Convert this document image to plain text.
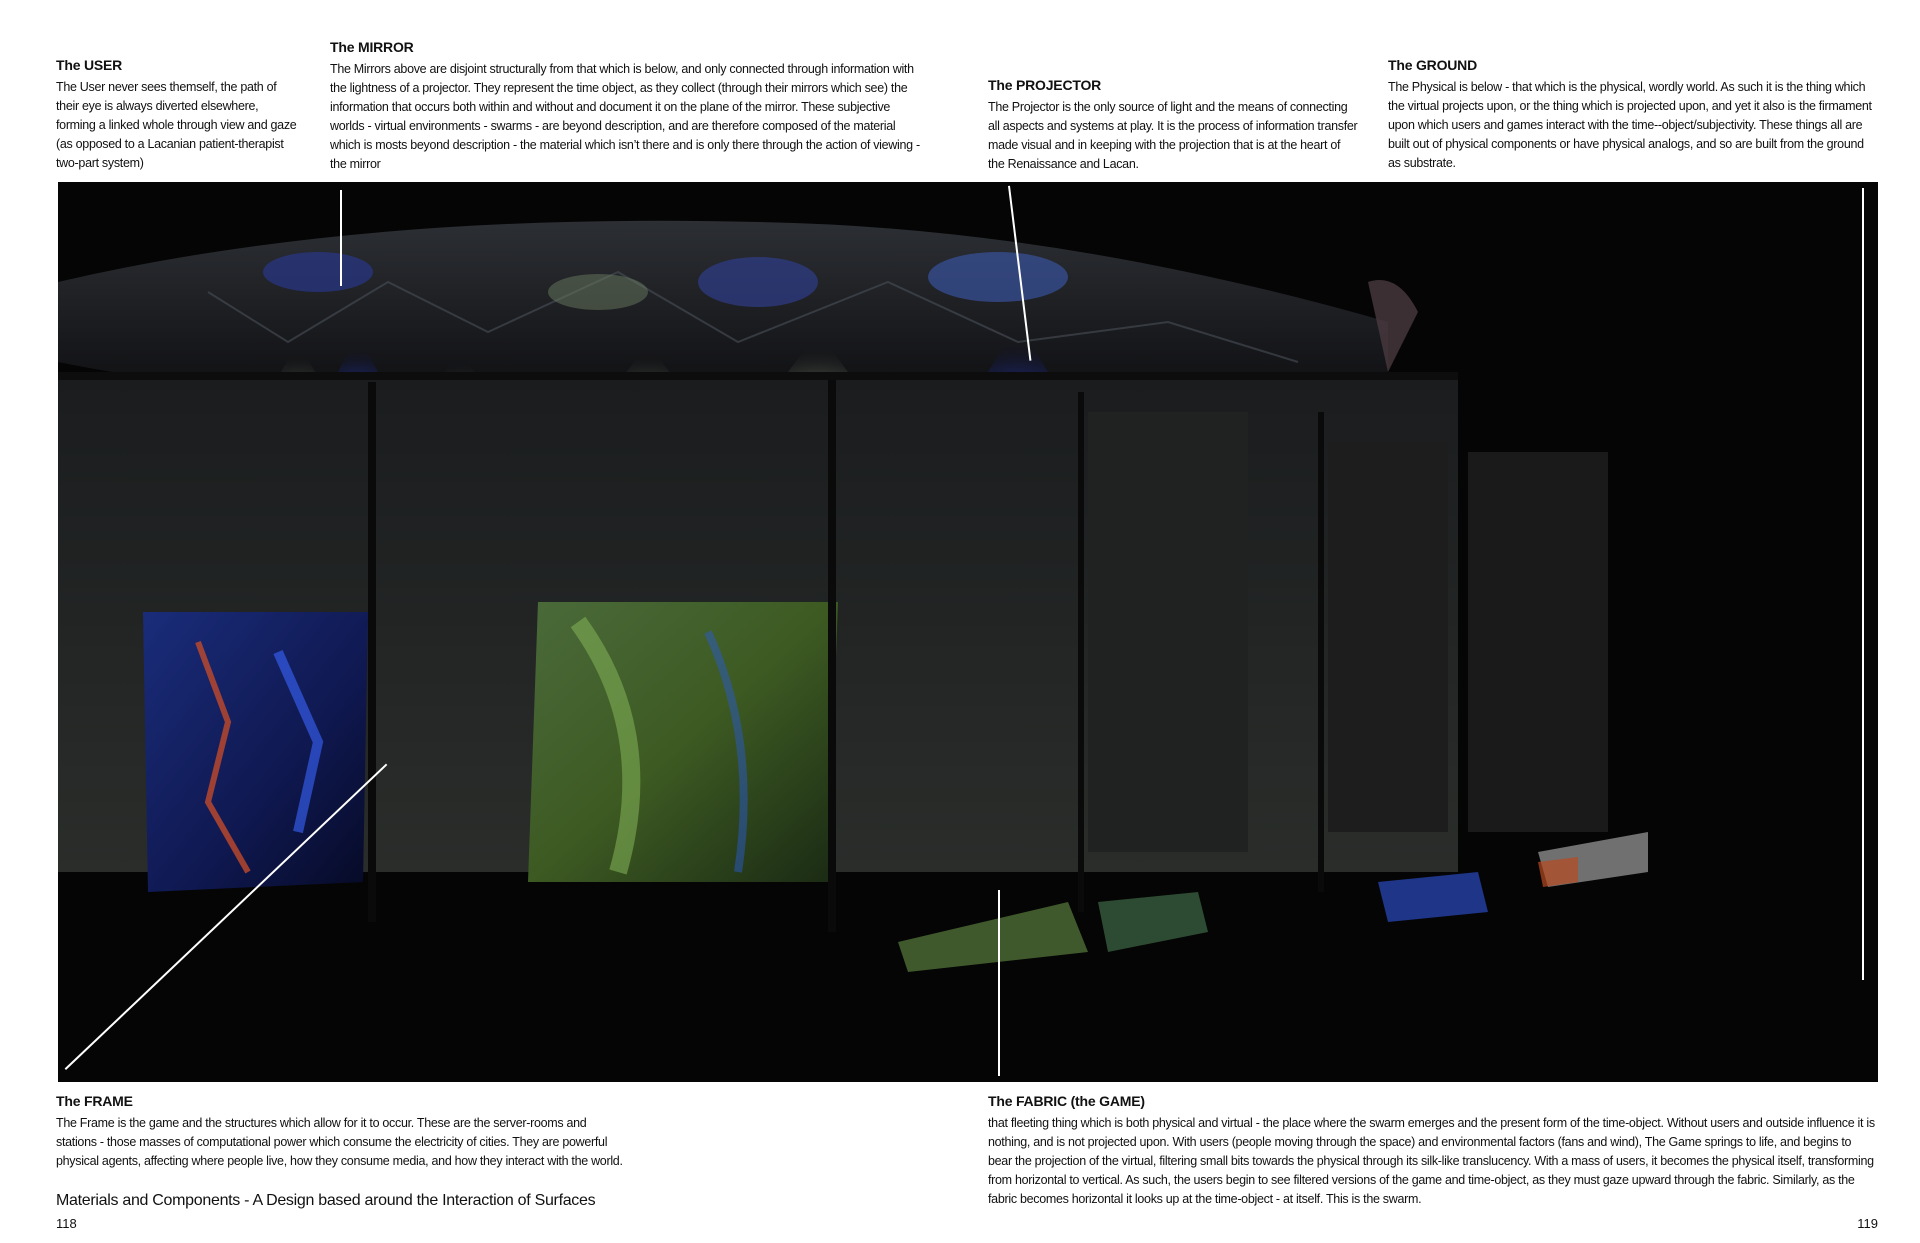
The USER

The User never sees themself, the path of their eye is always diverted elsewhere, forming a linked whole through view and gaze (as opposed to a Lacanian patient-therapist two-part system)

The MIRROR

The Mirrors above are disjoint structurally from that which is below, and only connected through information with the lightness of a projector. They represent the time object, as they collect (through their mirrors which see) the information that occurs both within and without and document it on the plane of the mirror. These subjective worlds - virtual environments - swarms - are beyond description, and are therefore composed of the material which is mosts beyond description - the material which isn’t there and is only there through the action of viewing - the mirror

The PROJECTOR

The Projector is the only source of light and the means of connecting all aspects and systems at play. It is the process of information transfer made visual and in keeping with the projection that is at the heart of the Renaissance and Lacan.

The GROUND

The Physical is below - that which is the physical, wordly world. As such it is the thing which the virtual projects upon, or the thing which is projected upon, and yet it also is the firmament upon which users and games interact with the time--object/subjectivity. These things all are built out of physical components or have physical analogs, and so are built from the ground as substrate.

The FRAME

The Frame is the game and the structures which allow for it to occur. These are the server-rooms and stations - those masses of computational power which consume the electricity of cities. They are powerful physical agents, affecting where people live, how they consume media, and how they interact with the world.

The FABRIC (the GAME)

that fleeting thing which is both physical and virtual - the place where the swarm emerges and the present form of the time-object. Without users and outside influence it is nothing, and is not projected upon. With users (people moving through the space) and environmental factors (fans and wind), The Game springs to life, and begins to bear the projection of the virtual, filtering small bits towards the physical through its silk-like translucency. With a mass of users, it becomes the physical itself, transforming from horizontal to vertical. As such, the users begin to see filtered versions of the game and time-object, as they must gaze upward through the fabric. Similarly, as the fabric becomes horizontal it looks up at the time-object - at itself. This is the swarm.

Materials and Components - A Design based around the Interaction of Surfaces
118	119
